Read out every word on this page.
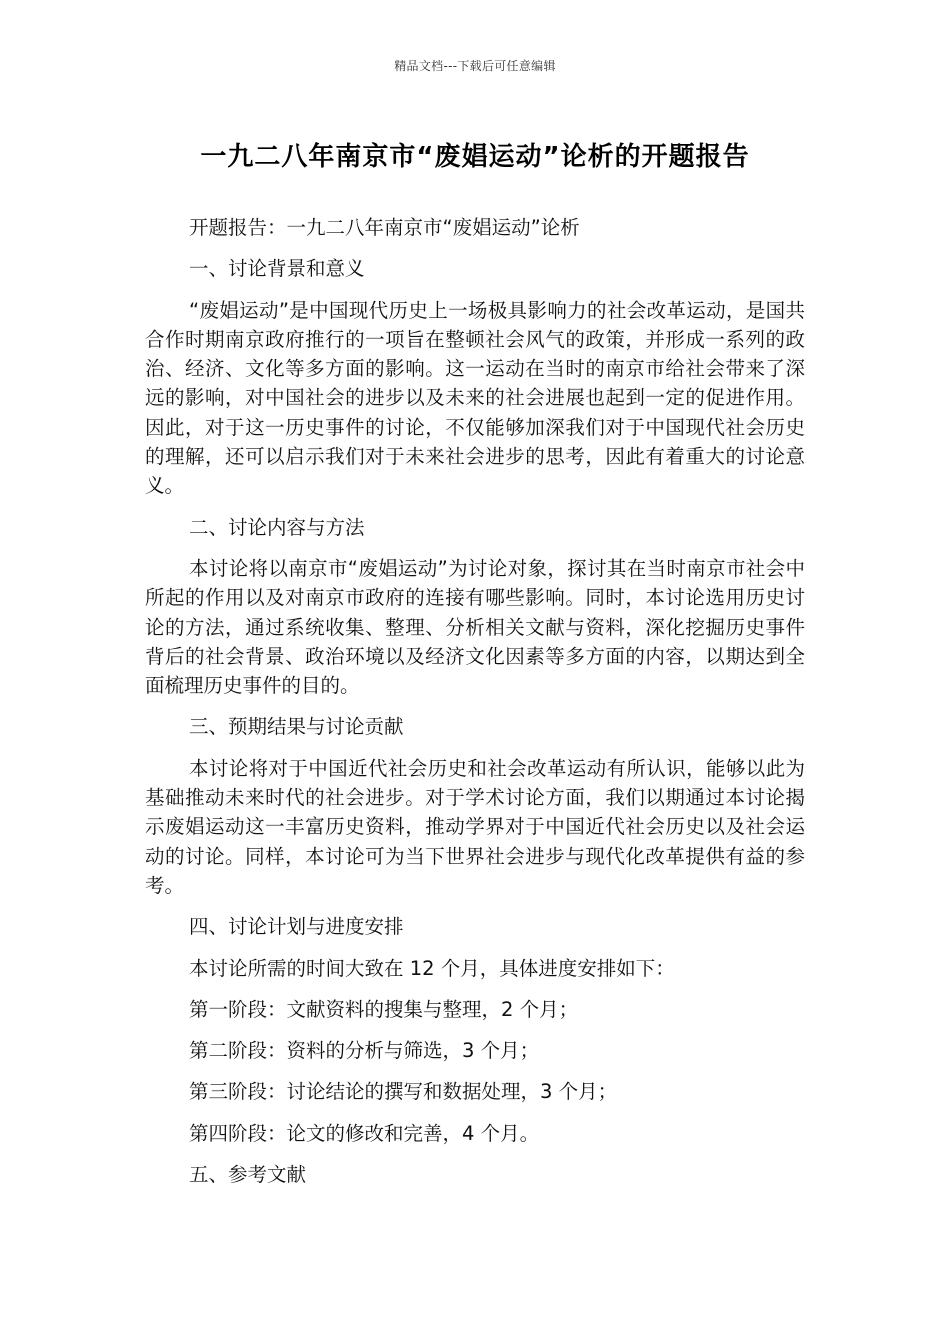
精品文档---下载后可任意编辑
一九二八年南京市“废娼运动”论析的开题报告

开题报告：一九二八年南京市“废娼运动”论析

一、讨论背景和意义

“废娼运动”是中国现代历史上一场极具影响力的社会改革运动，是国共合作时期南京政府推行的一项旨在整顿社会风气的政策，并形成一系列的政治、经济、文化等多方面的影响。这一运动在当时的南京市给社会带来了深远的影响，对中国社会的进步以及未来的社会进展也起到一定的促进作用。因此，对于这一历史事件的讨论，不仅能够加深我们对于中国现代社会历史的理解，还可以启示我们对于未来社会进步的思考，因此有着重大的讨论意义。

二、讨论内容与方法

本讨论将以南京市“废娼运动”为讨论对象，探讨其在当时南京市社会中所起的作用以及对南京市政府的连接有哪些影响。同时，本讨论选用历史讨论的方法，通过系统收集、整理、分析相关文献与资料，深化挖掘历史事件背后的社会背景、政治环境以及经济文化因素等多方面的内容，以期达到全面梳理历史事件的目的。

三、预期结果与讨论贡献

本讨论将对于中国近代社会历史和社会改革运动有所认识，能够以此为基础推动未来时代的社会进步。对于学术讨论方面，我们以期通过本讨论揭示废娼运动这一丰富历史资料，推动学界对于中国近代社会历史以及社会运动的讨论。同样，本讨论可为当下世界社会进步与现代化改革提供有益的参考。

四、讨论计划与进度安排

本讨论所需的时间大致在 12 个月，具体进度安排如下：

第一阶段：文献资料的搜集与整理，2 个月；

第二阶段：资料的分析与筛选，3 个月；

第三阶段：讨论结论的撰写和数据处理，3 个月；

第四阶段：论文的修改和完善，4 个月。

五、参考文献
